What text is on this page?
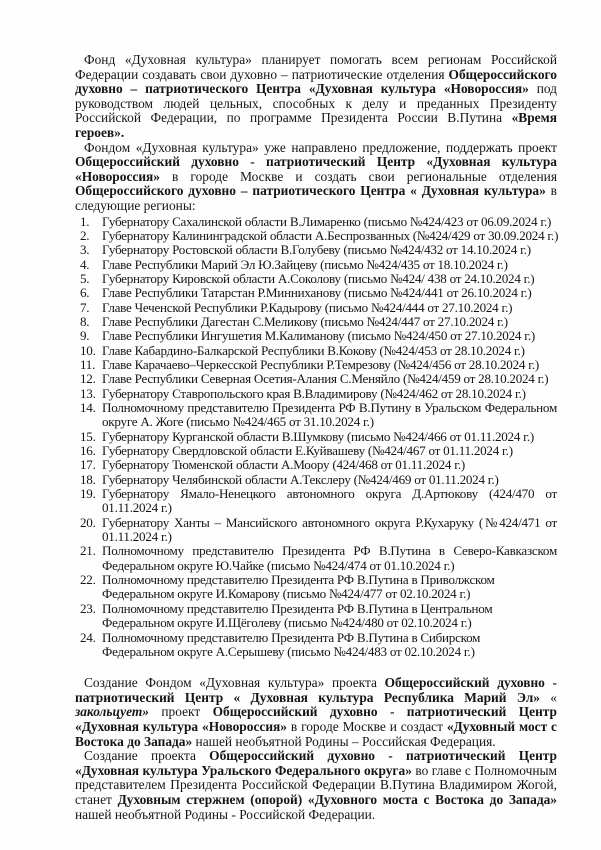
Фонд «Духовная культура» планирует помогать всем регионам Российской Федерации создавать свои духовно – патриотические отделения Общероссийского духовно – патриотического Центра «Духовная культура «Новороссия» под руководством людей цельных, способных к делу и преданных Президенту Российской Федерации, по программе Президента России В.Путина «Время героев».

Фондом «Духовная культура» уже направлено предложение, поддержать проект Общероссийский духовно - патриотический Центр «Духовная культура «Новороссия» в городе Москве и создать свои региональные отделения Общероссийского духовно – патриотического Центра « Духовная культура» в следующие регионы:

1. Губернатору Сахалинской области В.Лимаренко (письмо №424/423 от 06.09.2024 г.)
2. Губернатору Калининградской области А.Беспрозванных (№424/429 от 30.09.2024 г.)
3. Губернатору Ростовской области В.Голубеву (письмо №424/432 от 14.10.2024 г.)
4. Главе Республики Марий Эл Ю.Зайцеву (письмо №424/435 от 18.10.2024 г.)
5. Губернатору Кировской области А.Соколову (письмо №424/ 438 от 24.10.2024 г.)
6. Главе Республики Татарстан Р.Минниханову (письмо №424/441 от 26.10.2024 г.)
7. Главе Чеченской Республики Р.Кадырову (письмо №424/444 от 27.10.2024 г.)
8. Главе Республики Дагестан С.Меликову (письмо №424/447 от 27.10.2024 г.)
9. Главе Республики Ингушетия М.Калиманову (письмо №424/450 от 27.10.2024 г.)
10. Главе Кабардино-Балкарской Республики В.Кокову (№424/453 от 28.10.2024 г.)
11. Главе Карачаево–Черкесской Республики Р.Темрезову (№424/456 от 28.10.2024 г.)
12. Главе Республики Северная Осетия-Алания С.Меняйло (№424/459 от 28.10.2024 г.)
13. Губернатору Ставропольского края В.Владимирову (№424/462 от 28.10.2024 г.)
14. Полномочному представителю Президента РФ В.Путину в Уральском Федеральном
округе А. Жоге (письмо №424/465 от 31.10.2024 г.)
15. Губернатору Курганской области В.Шумкову (письмо №424/466 от 01.11.2024 г.)
16. Губернатору Свердловской области Е.Куйвашеву (№424/467 от 01.11.2024 г.)
17. Губернатору Тюменской области А.Моору (424/468 от 01.11.2024 г.)
18. Губернатору Челябинской области А.Текслеру (№424/469 от 01.11.2024 г.)
19. Губернатору Ямало-Ненецкого автономного округа Д.Артюкову (424/470 от
01.11.2024 г.)
20. Губернатору Ханты – Мансийского автономного округа Р.Кухаруку (№424/471 от
01.11.2024 г.)
21. Полномочному представителю Президента РФ В.Путина в Северо-Кавказском
Федеральном округе Ю.Чайке (письмо №424/474 от 01.10.2024 г.)
22. Полномочному представителю Президента РФ В.Путина в Приволжском
Федеральном округе И.Комарову (письмо №424/477 от 02.10.2024 г.)
23. Полномочному представителю Президента РФ В.Путина в Центральном
Федеральном округе И.Щёголеву (письмо №424/480 от 02.10.2024 г.)
24. Полномочному представителю Президента РФ В.Путина в Сибирском
Федеральном округе А.Серышеву (письмо №424/483 от 02.10.2024 г.)

Создание Фондом «Духовная культура» проекта Общероссийский духовно - патриотический Центр « Духовная культура Республика Марий Эл» « закольцует» проект Общероссийский духовно - патриотический Центр «Духовная культура «Новороссия» в городе Москве и создаст «Духовный мост с Востока до Запада» нашей необъятной Родины – Российская Федерация.

Создание проекта Общероссийский духовно - патриотический Центр «Духовная культура Уральского Федерального округа» во главе с Полномочным представителем Президента Российской Федерации В.Путина Владимиром Жогой, станет Духовным стержнем (опорой) «Духовного моста с Востока до Запада» нашей необъятной Родины - Российской Федерации.
